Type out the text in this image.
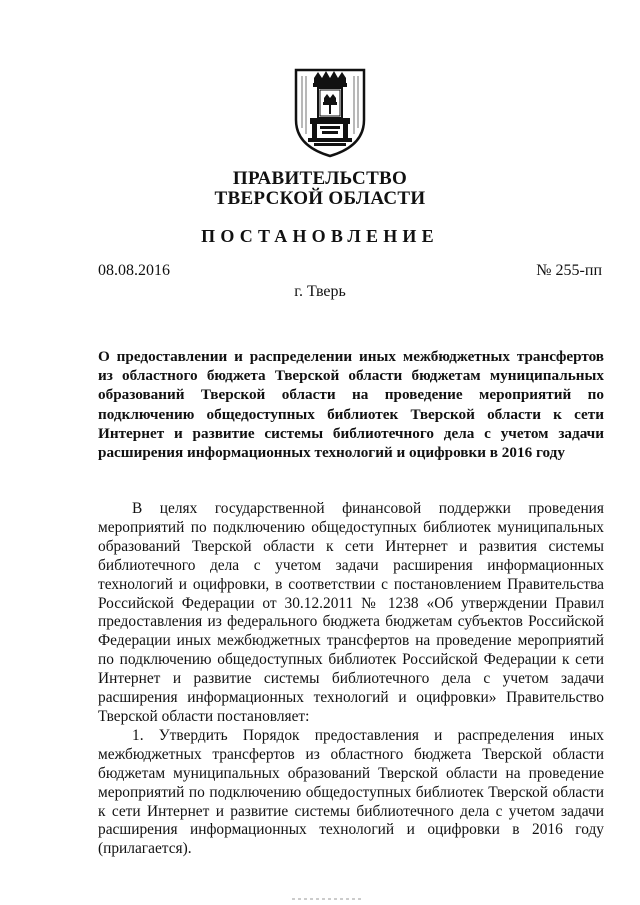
ПРАВИТЕЛЬСТВО
ТВЕРСКОЙ ОБЛАСТИ
ПОСТАНОВЛЕНИЕ
08.08.2016	№ 255-пп
г. Тверь
О предоставлении и распределении иных межбюджетных трансфертов из областного бюджета Тверской области бюджетам муниципальных образований Тверской области на проведение мероприятий по подключению общедоступных библиотек Тверской области к сети Интернет и развитие системы библиотечного дела с учетом задачи расширения информационных технологий и оцифровки в 2016 году

В целях государственной финансовой поддержки проведения мероприятий по подключению общедоступных библиотек муниципальных образований Тверской области к сети Интернет и развития системы библиотечного дела с учетом задачи расширения информационных технологий и оцифровки, в соответствии с постановлением Правительства Российской Федерации от 30.12.2011 № 1238 «Об утверждении Правил предоставления из федерального бюджета бюджетам субъектов Российской Федерации иных межбюджетных трансфертов на проведение мероприятий по подключению общедоступных библиотек Российской Федерации к сети Интернет и развитие системы библиотечного дела с учетом задачи расширения информационных технологий и оцифровки» Правительство Тверской области постановляет:

1. Утвердить Порядок предоставления и распределения иных межбюджетных трансфертов из областного бюджета Тверской области бюджетам муниципальных образований Тверской области на проведение мероприятий по подключению общедоступных библиотек Тверской области к сети Интернет и развитие системы библиотечного дела с учетом задачи расширения информационных технологий и оцифровки в 2016 году (прилагается).
